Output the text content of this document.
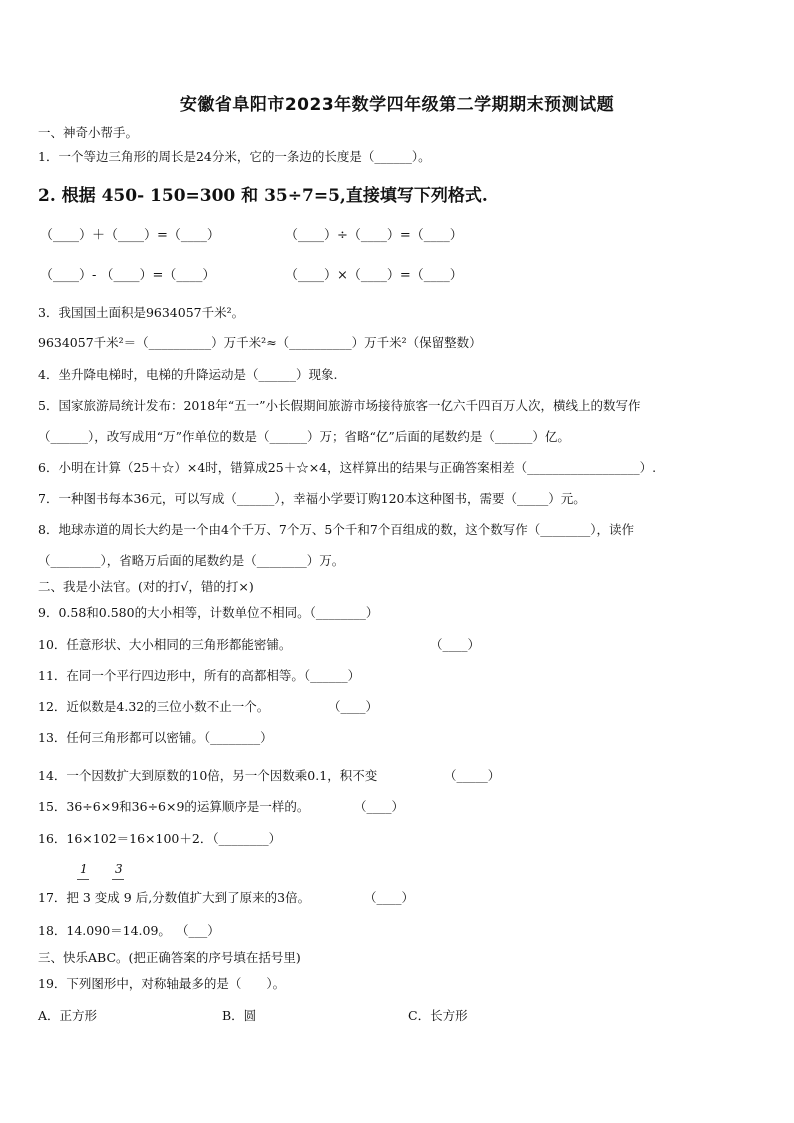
安徽省阜阳市2023年数学四年级第二学期期末预测试题
一、神奇小帮手。
1．一个等边三角形的周长是24分米，它的一条边的长度是（______）。
2. 根据 450- 150=300 和 35÷7=5,直接填写下列格式.
（____）＋（____）=（____）	（____）÷（____）=（____）
（____）- （____）=（____）	（____）×（____）=（____）
3．我国国土面积是9634057千米²。
9634057千米²＝（__________）万千米²≈（__________）万千米²（保留整数）
4．坐升降电梯时，电梯的升降运动是（______）现象.
5．国家旅游局统计发布：2018年“五一”小长假期间旅游市场接待旅客一亿六千四百万人次，横线上的数写作
（______），改写成用“万”作单位的数是（______）万；省略“亿”后面的尾数约是（______）亿。
6．小明在计算（25＋☆）×4时，错算成25＋☆×4，这样算出的结果与正确答案相差（__________________）.
7．一种图书每本36元，可以写成（______），幸福小学要订购120本这种图书，需要（_____）元。
8．地球赤道的周长大约是一个由4个千万、7个万、5个千和7个百组成的数，这个数写作（________），读作
（________），省略万后面的尾数约是（________）万。
二、我是小法官。(对的打√，错的打×)
9．0.58和0.580的大小相等，计数单位不相同。（________）
10．任意形状、大小相同的三角形都能密铺。	（____）
11．在同一个平行四边形中，所有的高都相等。（______）
12．近似数是4.32的三位小数不止一个。	（____）
13．任何三角形都可以密铺。（________）
14．一个因数扩大到原数的10倍，另一个因数乘0.1，积不变	（_____）
15．36÷6×9和36÷6×9的运算顺序是一样的。	（____）
16．16×102＝16×100＋2．（________）
1 3
17．把 3 变成 9 后,分数值扩大到了原来的3倍。	（____）
18．14.090＝14.09。 （___）
三、快乐ABC。(把正确答案的序号填在括号里)
19．下列图形中，对称轴最多的是（　　）。
A．正方形	B．圆	C．长方形
